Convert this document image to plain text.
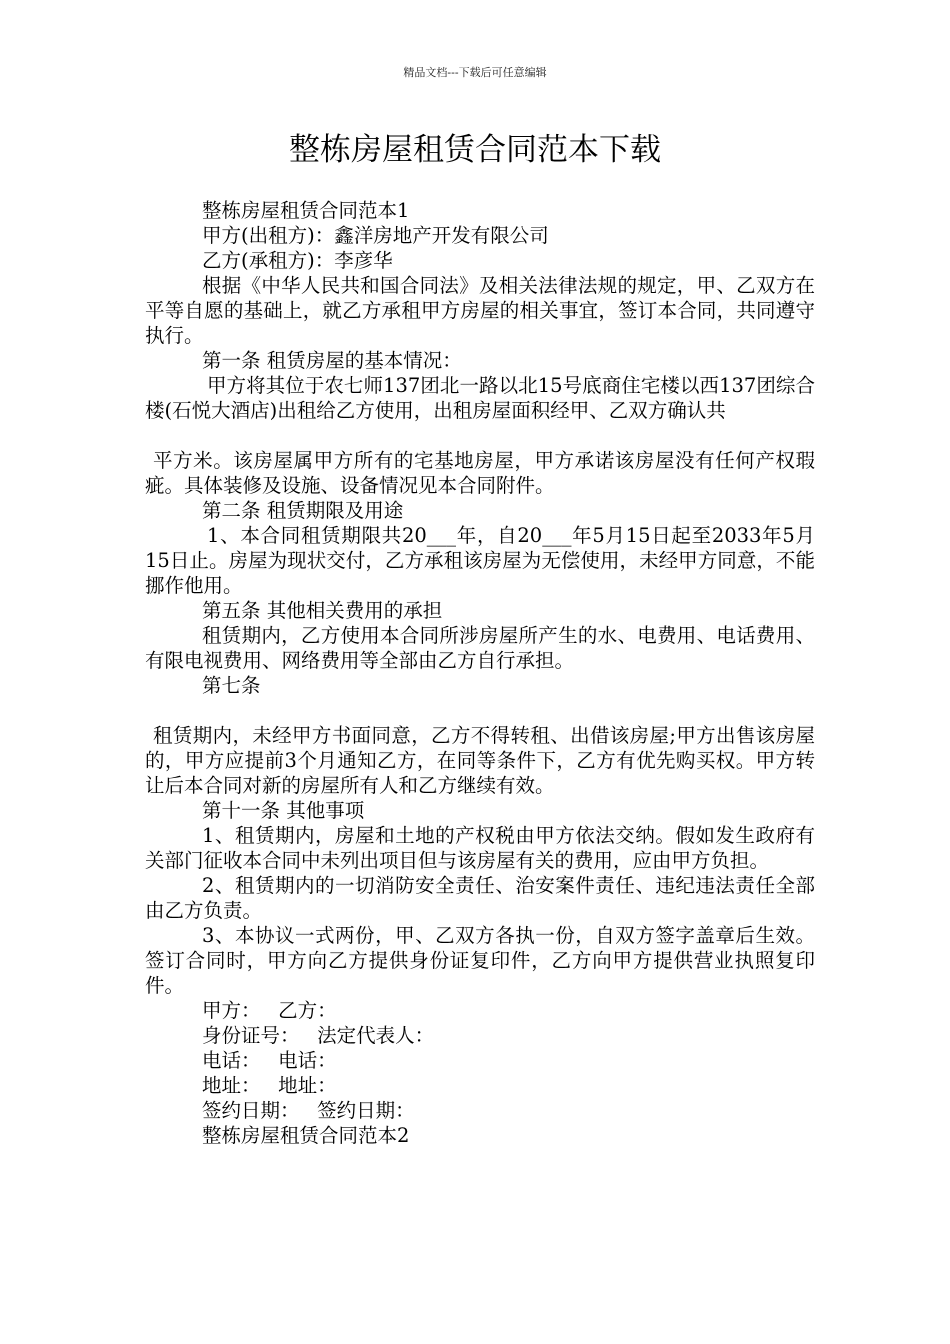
精品文档---下载后可任意编辑
整栋房屋租赁合同范本下载

整栋房屋租赁合同范本1

甲方(出租方)：鑫洋房地产开发有限公司

乙方(承租方)：李彦华

根据《中华人民共和国合同法》及相关法律法规的规定，甲、乙双方在平等自愿的基础上，就乙方承租甲方房屋的相关事宜，签订本合同，共同遵守执行。

第一条 租赁房屋的基本情况：

甲方将其位于农七师137团北一路以北15号底商住宅楼以西137团综合楼(石悦大酒店)出租给乙方使用，出租房屋面积经甲、乙双方确认共

平方米。该房屋属甲方所有的宅基地房屋，甲方承诺该房屋没有任何产权瑕疵。具体装修及设施、设备情况见本合同附件。

第二条 租赁期限及用途

1、本合同租赁期限共20___年，自20___年5月15日起至2033年5月15日止。房屋为现状交付，乙方承租该房屋为无偿使用，未经甲方同意，不能挪作他用。

第五条 其他相关费用的承担

租赁期内，乙方使用本合同所涉房屋所产生的水、电费用、电话费用、有限电视费用、网络费用等全部由乙方自行承担。

第七条

租赁期内，未经甲方书面同意，乙方不得转租、出借该房屋;甲方出售该房屋的，甲方应提前3个月通知乙方，在同等条件下，乙方有优先购买权。甲方转让后本合同对新的房屋所有人和乙方继续有效。

第十一条 其他事项

1、租赁期内，房屋和土地的产权税由甲方依法交纳。假如发生政府有关部门征收本合同中未列出项目但与该房屋有关的费用，应由甲方负担。

2、租赁期内的一切消防安全责任、治安案件责任、违纪违法责任全部由乙方负责。

3、本协议一式两份，甲、乙双方各执一份，自双方签字盖章后生效。签订合同时，甲方向乙方提供身份证复印件，乙方向甲方提供营业执照复印件。

甲方： 乙方：

身份证号： 法定代表人：

电话： 电话：

地址： 地址：

签约日期： 签约日期：

整栋房屋租赁合同范本2
